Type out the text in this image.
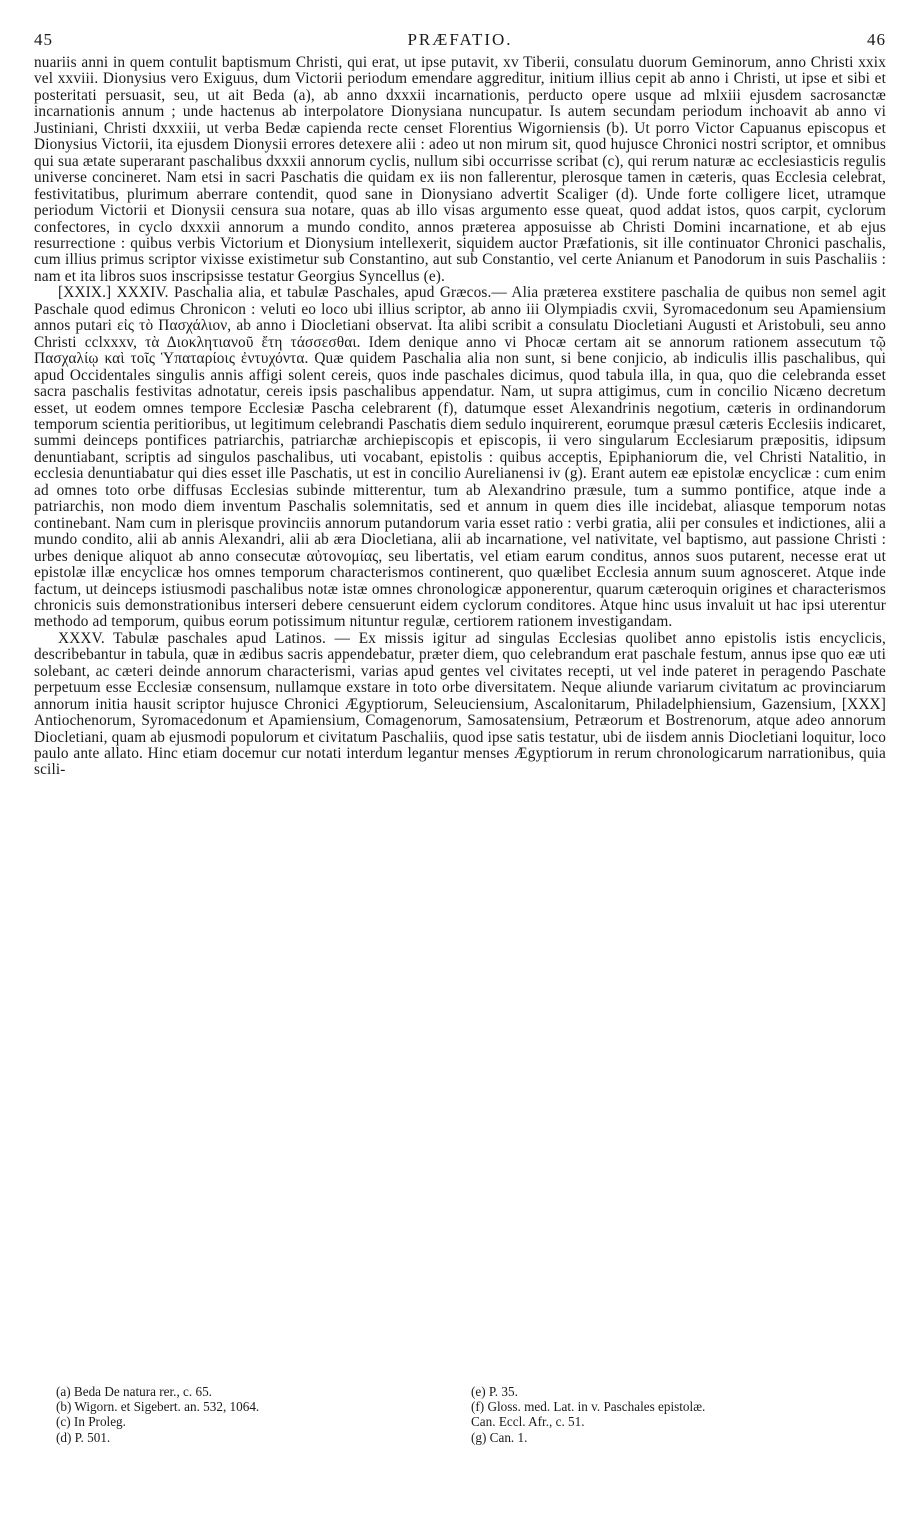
45	PRÆFATIO.	46

nuariis anni in quem contulit baptismum Christi, qui erat, ut ipse putavit, xv Tiberii, consulatu duorum Geminorum, anno Christi xxix vel xxviii. Dionysius vero Exiguus, dum Victorii periodum emendare aggreditur, initium illius cepit ab anno i Christi, ut ipse et sibi et posteritati persuasit, seu, ut ait Beda (a), ab anno dxxxii incarnationis, perducto opere usque ad mlxiii ejusdem sacrosanctæ incarnationis annum ; unde hactenus ab interpolatore Dionysiana nuncupatur. Is autem secundam periodum inchoavit ab anno vi Justiniani, Christi dxxxiii, ut verba Bedæ capienda recte censet Florentius Wigorniensis (b). Ut porro Victor Capuanus episcopus et Dionysius Victorii, ita ejusdem Dionysii errores detexere alii : adeo ut non mirum sit, quod hujusce Chronici nostri scriptor, et omnibus qui sua ætate superarant paschalibus dxxxii annorum cyclis, nullum sibi occurrisse scribat (c), qui rerum naturæ ac ecclesiasticis regulis universe concineret. Nam etsi in sacri Paschatis die quidam ex iis non fallerentur, plerosque tamen in cæteris, quas Ecclesia celebrat, festivitatibus, plurimum aberrare contendit, quod sane in Dionysiano advertit Scaliger (d). Unde forte colligere licet, utramque periodum Victorii et Dionysii censura sua notare, quas ab illo visas argumento esse queat, quod addat istos, quos carpit, cyclorum confectores, in cyclo dxxxii annorum a mundo condito, annos præterea apposuisse ab Christi Domini incarnatione, et ab ejus resurrectione : quibus verbis Victorium et Dionysium intellexerit, siquidem auctor Præfationis, sit ille continuator Chronici paschalis, cum illius primus scriptor vixisse existimetur sub Constantino, aut sub Constantio, vel certe Anianum et Panodorum in suis Paschaliis : nam et ita libros suos inscripsisse testatur Georgius Syncellus (e).

[XXIX.] XXXIV. Paschalia alia, et tabulæ Paschales, apud Græcos.— Alia præterea exstitere paschalia de quibus non semel agit Paschale quod edimus Chronicon : veluti eo loco ubi illius scriptor, ab anno iii Olympiadis cxvii, Syromacedonum seu Apamiensium annos putari εἰς τὸ Πασχάλιον, ab anno i Diocletiani observat. Ita alibi scribit a consulatu Diocletiani Augusti et Aristobuli, seu anno Christi cclxxxv, τὰ Διοκλητιανοῦ ἔτη τάσσεσθαι. Idem denique anno vi Phocæ certam ait se annorum rationem assecutum τῷ Πασχαλίῳ καὶ τοῖς Ὑπαταρίοις ἐντυχόντα. Quæ quidem Paschalia alia non sunt, si bene conjicio, ab indiculis illis paschalibus, qui apud Occidentales singulis annis affigi solent cereis, quos inde paschales dicimus, quod tabula illa, in qua, quo die celebranda esset sacra paschalis festivitas adnotatur, cereis ipsis paschalibus appendatur. Nam, ut supra attigimus, cum in concilio Nicæno decretum esset, ut eodem omnes tempore Ecclesiæ Pascha celebrarent (f), datumque esset Alexandrinis negotium, cæteris in ordinandorum temporum scientia peritioribus, ut legitimum celebrandi Paschatis diem sedulo inquirerent, eorumque præsul cæteris Ecclesiis indicaret, summi deinceps pontifices patriarchis, patriarchæ archiepiscopis et episcopis, ii vero singularum Ecclesiarum præpositis, idipsum denuntiabant, scriptis ad singulos paschalibus, uti vocabant, epistolis : quibus acceptis, Epiphaniorum die, vel Christi Natalitio, in ecclesia denuntiabatur qui dies esset ille Paschatis, ut est in concilio Aurelianensi iv (g). Erant autem eæ epistolæ encyclicæ : cum enim ad omnes toto orbe diffusas Ecclesias subinde mitterentur, tum ab Alexandrino præsule, tum a summo pontifice, atque inde a patriarchis, non modo diem inventum Paschalis solemnitatis, sed et annum in quem dies ille incidebat, aliasque temporum notas continebant. Nam cum in plerisque provinciis annorum putandorum varia esset ratio : verbi gratia, alii per consules et indictiones, alii a mundo condito, alii ab annis Alexandri, alii ab æra Diocletiana, alii ab incarnatione, vel nativitate, vel baptismo, aut passione Christi : urbes denique aliquot ab anno consecutæ αὐτονομίας, seu libertatis, vel etiam earum conditus, annos suos putarent, necesse erat ut epistolæ illæ encyclicæ hos omnes temporum characterismos continerent, quo quælibet Ecclesia annum suum agnosceret. Atque inde factum, ut deinceps istiusmodi paschalibus notæ istæ omnes chronologicæ apponerentur, quarum cæteroquin origines et characterismos chronicis suis demonstrationibus interseri debere censuerunt eidem cyclorum conditores. Atque hinc usus invaluit ut hac ipsi uterentur methodo ad temporum, quibus eorum potissimum nituntur regulæ, certiorem rationem investigandam.

XXXV. Tabulæ paschales apud Latinos. — Ex missis igitur ad singulas Ecclesias quolibet anno epistolis istis encyclicis, describebantur in tabula, quæ in ædibus sacris appendebatur, præter diem, quo celebrandum erat paschale festum, annus ipse quo eæ uti solebant, ac cæteri deinde annorum characterismi, varias apud gentes vel civitates recepti, ut vel inde pateret in peragendo Paschate perpetuum esse Ecclesiæ consensum, nullamque exstare in toto orbe diversitatem. Neque aliunde variarum civitatum ac provinciarum annorum initia hausit scriptor hujusce Chronici Ægyptiorum, Seleuciensium, Ascalonitarum, Philadelphiensium, Gazensium, [XXX] Antiochenorum, Syromacedonum et Apamiensium, Comagenorum, Samosatensium, Petræorum et Bostrenorum, atque adeo annorum Diocletiani, quam ab ejusmodi populorum et civitatum Paschaliis, quod ipse satis testatur, ubi de iisdem annis Diocletiani loquitur, loco paulo ante allato. Hinc etiam docemur cur notati interdum legantur menses Ægyptiorum in rerum chronologicarum narrationibus, quia scili-

(a) Beda De natura rer., c. 65.
(b) Wigorn. et Sigebert. an. 532, 1064.
(c) In Proleg.
(d) P. 501.
(e) P. 35.
(f) Gloss. med. Lat. in v. Paschales epistolæ.
Can. Eccl. Afr., c. 51.
(g) Can. 1.
